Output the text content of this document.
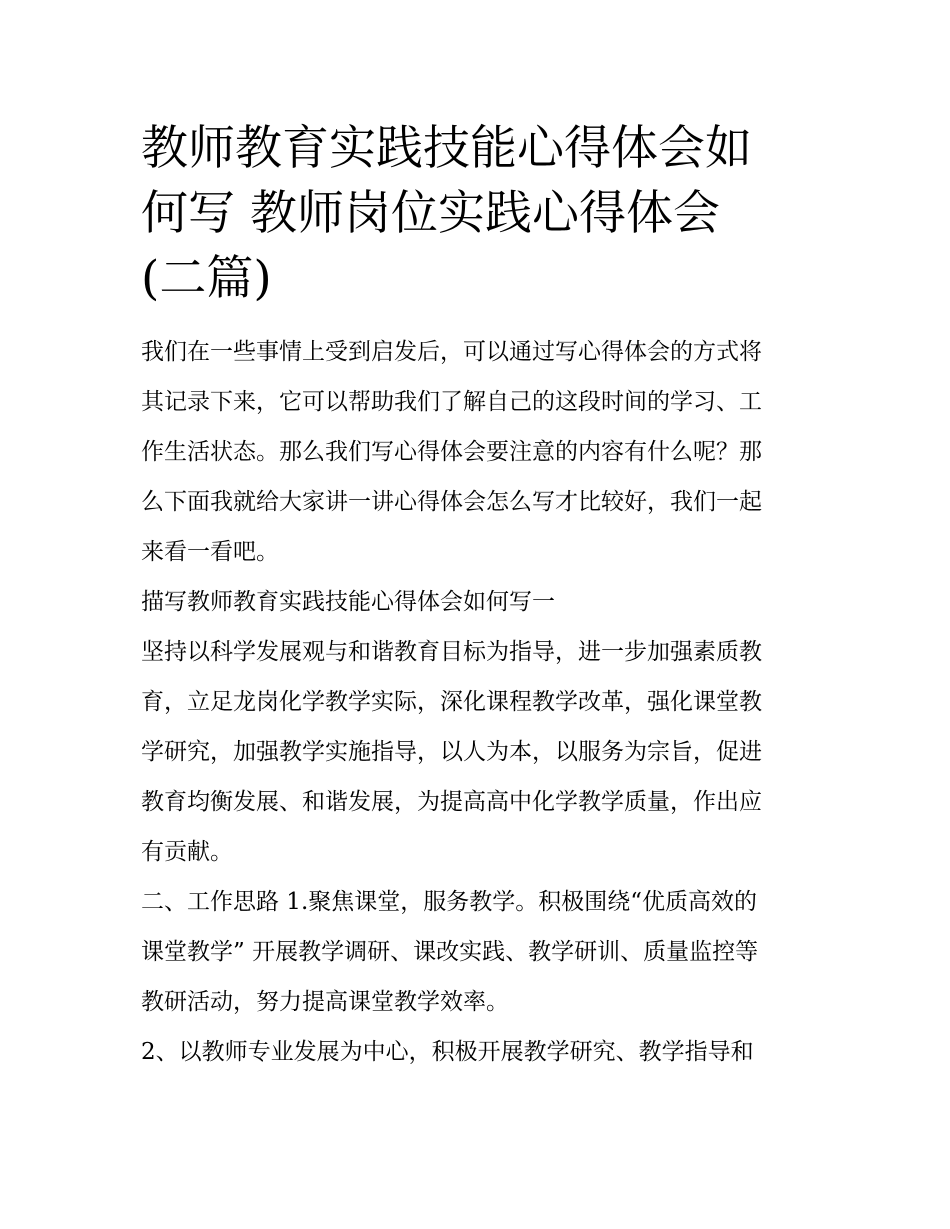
教师教育实践技能心得体会如
何写 教师岗位实践心得体会
(二篇)

我们在一些事情上受到启发后，可以通过写心得体会的方式将
其记录下来，它可以帮助我们了解自己的这段时间的学习、工
作生活状态。那么我们写心得体会要注意的内容有什么呢？那
么下面我就给大家讲一讲心得体会怎么写才比较好，我们一起
来看一看吧。

描写教师教育实践技能心得体会如何写一

坚持以科学发展观与和谐教育目标为指导，进一步加强素质教
育，立足龙岗化学教学实际，深化课程教学改革，强化课堂教
学研究，加强教学实施指导，以人为本，以服务为宗旨，促进
教育均衡发展、和谐发展，为提高高中化学教学质量，作出应
有贡献。

二、工作思路 1.聚焦课堂，服务教学。积极围绕“优质高效的
课堂教学” 开展教学调研、课改实践、教学研训、质量监控等
教研活动，努力提高课堂教学效率。

2、以教师专业发展为中心，积极开展教学研究、教学指导和
